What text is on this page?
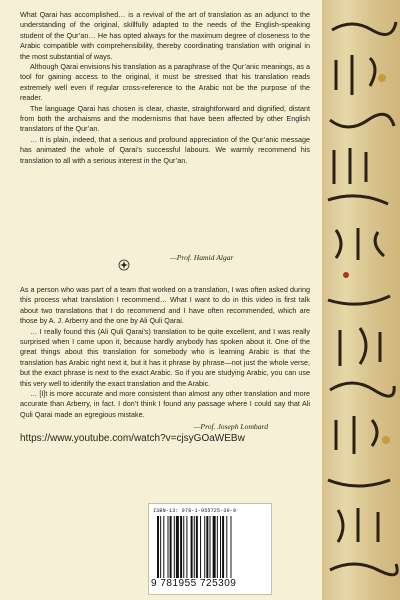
What Qarai has accomplished… is a revival of the art of translation as an adjunct to the understanding of the original, skillfully adapted to the needs of the English-speaking student of the Qur’an… He has opted always for the maximum degree of closeness to the Arabic compatible with comprehensibility, thereby coordinating translation with original in the most substantial of ways.

Although Qarai envisions his translation as a paraphrase of the Qur’anic meanings, as a tool for gaining access to the original, it must be stressed that his translation reads extremely well even if regular cross-reference to the Arabic not be the purpose of the reader.

The language Qarai has chosen is clear, chaste, straightforward and dignified, distant from both the archaisms and the modernisms that have been affected by other English translators of the Qur’an.

… It is plain, indeed, that a serious and profound appreciation of the Qur’anic message has animated the whole of Qarai’s successful labours. We warmly recommend his translation to all with a serious interest in the Qur’an.

—Prof. Hamid Algar

As a person who was part of a team that worked on a translation, I was often asked during this process what translation I recommend… What I want to do in this video is first talk about two translations that I do recommend and I have often recommended, which are those by A. J. Arberry and the one by Ali Quli Qarai.

… I really found this (Ali Quli Qarai’s) translation to be quite excellent, and I was really surprised when I came upon it, because hardly anybody has spoken about it. One of the great things about this translation for somebody who is learning Arabic is that the translation has Arabic right next it, but it has it phrase by phrase—not just the whole verse, but the exact phrase is next to the exact Arabic. So if you are studying Arabic, you can use this very well to identify the exact translation and the Arabic.

… [I]t is more accurate and more consistent than almost any other translation and more accurate than Arberry, in fact. I don’t think I found any passage where I could say that Ali Quli Qarai made an egregious mistake.

—Prof. Joseph Lombard
https://www.youtube.com/watch?v=cjsyGOaWEBw
ISBN-13: 978-1-955725-30-9
9 781955 725309
